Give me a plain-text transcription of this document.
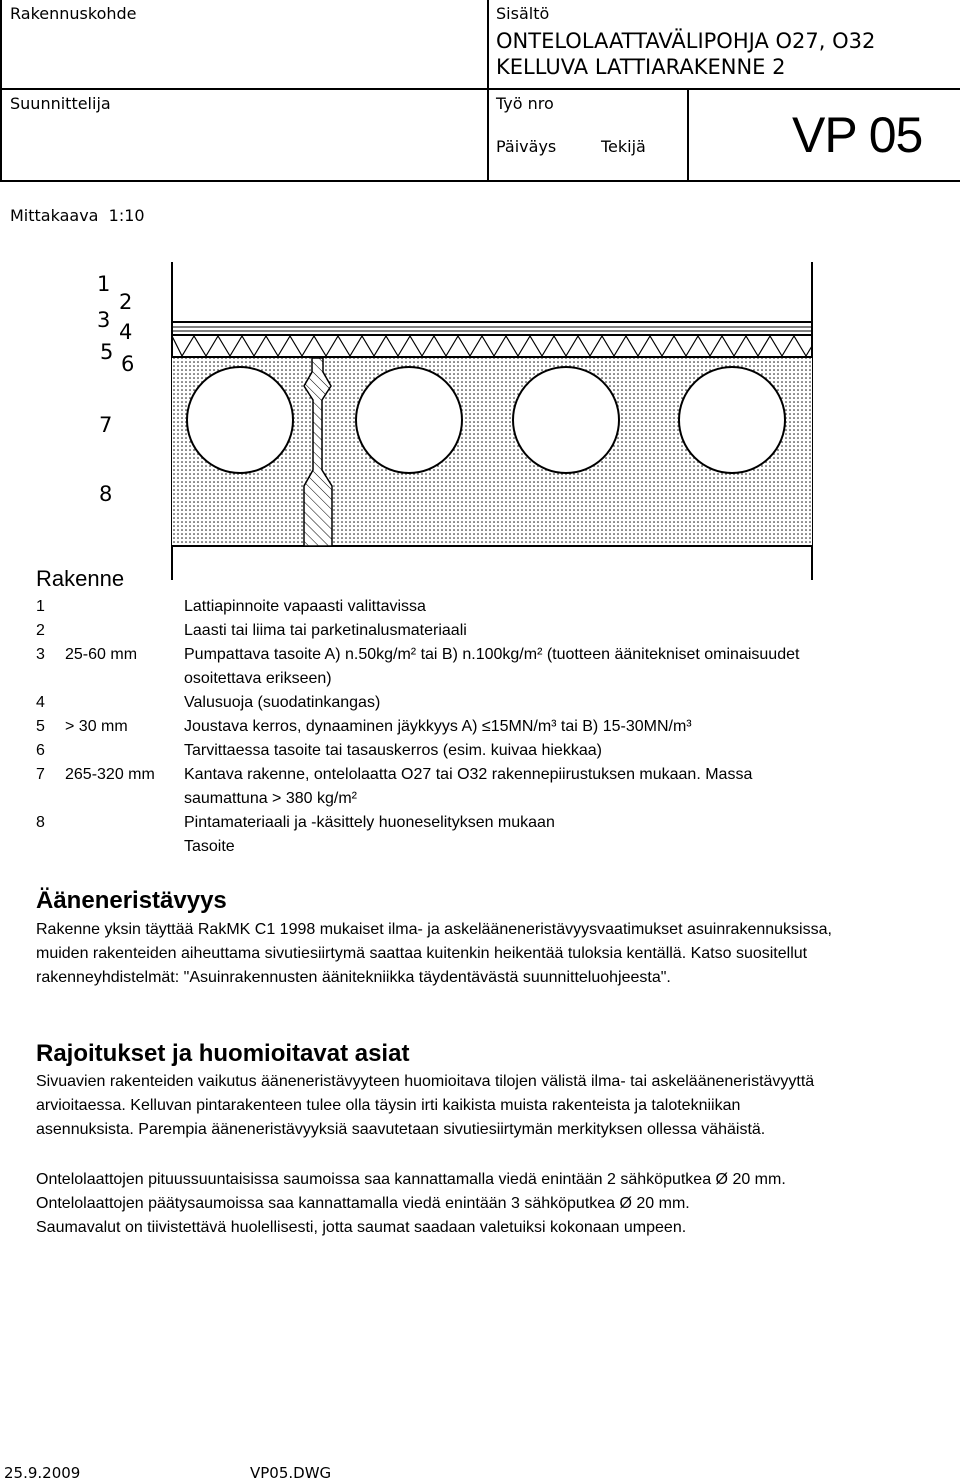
Rakennuskohde	Sisältö
ONTELOLAATTAVÄLIPOHJA O27, O32
KELLUVA LATTIARAKENNE 2
Suunnittelija	Työ nro
Päiväys	Tekijä	VP 05
Mittakaava  1:10
1
2
3 4
5 6
7
8
Rakenne
1	Lattiapinnoite vapaasti valittavissa
2	Laasti tai liima tai parketinalusmateriaali
3 25-60 mm	Pumpattava tasoite A) n.50kg/m² tai B) n.100kg/m² (tuotteen äänitekniset ominaisuudet
osoitettava erikseen)
4	Valusuoja (suodatinkangas)
5 > 30 mm	Joustava kerros, dynaaminen jäykkyys A) ≤15MN/m³ tai B) 15-30MN/m³
6	Tarvittaessa tasoite tai tasauskerros (esim. kuivaa hiekkaa)
7 265-320 mm Kantava rakenne, ontelolaatta O27 tai O32 rakennepiirustuksen mukaan. Massa
saumattuna > 380 kg/m²
8	Pintamateriaali ja -käsittely huoneselityksen mukaan
Tasoite
Ääneneristävyys
Rakenne yksin täyttää RakMK C1 1998 mukaiset ilma- ja askelääneneristävyysvaatimukset asuinrakennuksissa,
muiden rakenteiden aiheuttama sivutiesiirtymä saattaa kuitenkin heikentää tuloksia kentällä. Katso suositellut
rakenneyhdistelmät: "Asuinrakennusten äänitekniikka täydentävästä suunnitteluohjeesta".
Rajoitukset ja huomioitavat asiat
Sivuavien rakenteiden vaikutus ääneneristävyyteen huomioitava tilojen välistä ilma- tai askelääneneristävyyttä
arvioitaessa. Kelluvan pintarakenteen tulee olla täysin irti kaikista muista rakenteista ja talotekniikan
asennuksista. Parempia ääneneristävyyksiä saavutetaan sivutiesiirtymän merkityksen ollessa vähäistä.
Ontelolaattojen pituussuuntaisissa saumoissa saa kannattamalla viedä enintään 2 sähköputkea Ø 20 mm.
Ontelolaattojen päätysaumoissa saa kannattamalla viedä enintään 3 sähköputkea Ø 20 mm.
Saumavalut on tiivistettävä huolellisesti, jotta saumat saadaan valetuiksi kokonaan umpeen.
25.9.2009	VP05.DWG
